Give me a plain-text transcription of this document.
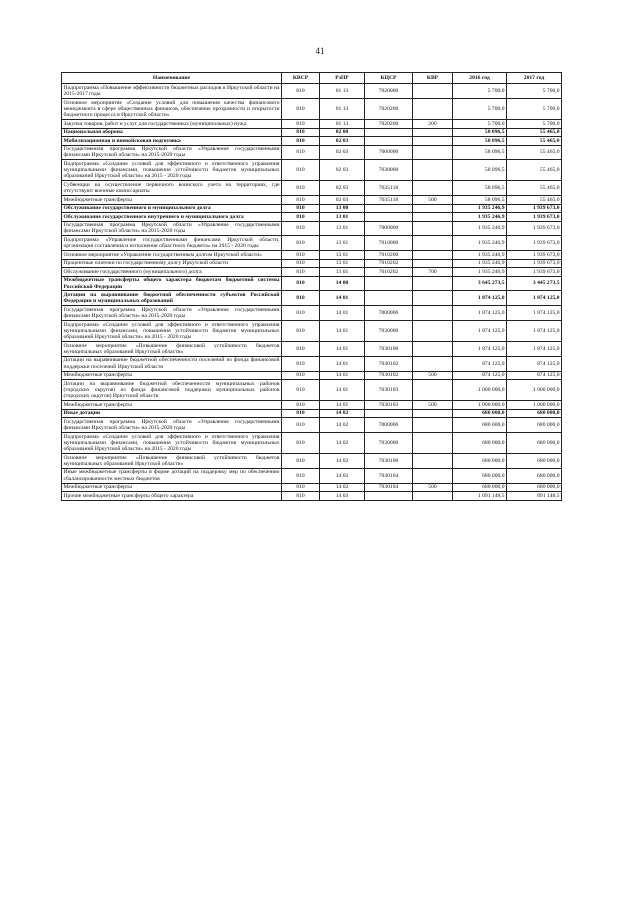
41
Наименование	КВСР	РзПР	КЦСР	КВР	2016 год	2017 год
Подпрограмма «Повышение эффективности бюджетных расходов в Иркутской области на 2015-2017 годы	810	01 13	7020000		5 700,0	5 700,0
Основное мероприятие «Создание условий для повышения качества финансового менеджмента в сфере общественных финансов, обеспечение прозрачности и открытости бюджетного процесса в Иркутской области»	810	01 13	7020200		5 700,0	5 700,0
Закупка товаров, работ и услуг для государственных (муниципальных) нужд	810	01 13	7020200	200	5 700,0	5 700,0
Национальная оборона	810	02 00			58 096,5	55 465,0
Мобилизационная и вневойсковая подготовка	810	02 03			58 096,5	55 465,0
Государственная программа Иркутской области «Управление государственными финансами Иркутской области» на 2015-2020 годы	810	02 03	7000000		58 096,5	55 465,0
Подпрограмма «Создание условий для эффективного и ответственного управления муниципальными финансами, повышения устойчивости бюджетов муниципальных образований Иркутской области» на 2015 - 2020 годы	810	02 03	7030000		58 096,5	55 465,0
Субвенции на осуществление первичного воинского учета на территориях, где отсутствуют военные комиссариаты	810	02 03	7035118		58 096,5	55 465,0
Межбюджетные трансферты	810	02 03	7035118	500	58 096,5	55 465,0
Обслуживание государственного и муниципального долга	810	13 00			1 935 246,9	1 939 673,0
Обслуживание государственного внутреннего и муниципального долга	810	13 01			1 935 246,9	1 939 673,0
Государственная программа Иркутской области «Управление государственными финансами Иркутской области» на 2015-2020 годы	810	13 01	7000000		1 935 246,9	1 939 673,0
Подпрограмма «Управление государственными финансами Иркутской области, организация составления и исполнения областного бюджета» на 2015 - 2020 годы	810	13 01	7010000		1 935 246,9	1 939 673,0
Основное мероприятие «Управление государственным долгом Иркутской области»	810	13 01	7010200		1 935 246,9	1 939 673,0
Процентные платежи по государственному долгу Иркутской области	810	13 01	7010202		1 935 246,9	1 939 673,0
Обслуживание государственного (муниципального) долга	810	13 01	7010202	700	1 935 246,9	1 939 673,0
Межбюджетные трансферты общего характера бюджетам бюджетной системы Российской Федерации	810	14 00			3 645 273,5	3 445 273,5
Дотации на выравнивание бюджетной обеспеченности субъектов Российской Федерации и муниципальных образований	810	14 01			1 874 125,0	1 874 125,0
Государственная программа Иркутской области «Управление государственными финансами Иркутской области» на 2015-2020 годы	810	14 01	7000000		1 874 125,0	1 874 125,0
Подпрограмма «Создание условий для эффективного и ответственного управления муниципальными финансами, повышения устойчивости бюджетов муниципальных образований Иркутской области» на 2015 - 2020 годы	810	14 01	7030000		1 874 125,0	1 874 125,0
Основное мероприятие «Повышение финансовой устойчивости бюджетов муниципальных образований Иркутской области»	810	14 01	7030100		1 874 125,0	1 874 125,0
Дотации на выравнивание бюджетной обеспеченности поселений из фонда финансовой поддержки поселений Иркутской области	810	14 01	7030102		874 125,0	874 125,0
Межбюджетные трансферты	810	14 01	7030102	500	874 125,0	874 125,0
Дотации на выравнивание бюджетной обеспеченности муниципальных районов (городских округов) из фонда финансовой поддержки муниципальных районов (городских округов) Иркутской области	810	14 01	7030103		1 000 000,0	1 000 000,0
Межбюджетные трансферты	810	14 01	7030103	500	1 000 000,0	1 000 000,0
Иные дотации	810	14 02			680 000,0	680 000,0
Государственная программа Иркутской области «Управление государственными финансами Иркутской области» на 2015-2020 годы	810	14 02	7000000		680 000,0	680 000,0
Подпрограмма «Создание условий для эффективного и ответственного управления муниципальными финансами, повышения устойчивости бюджетов муниципальных образований Иркутской области» на 2015 - 2020 годы	810	14 02	7030000		680 000,0	680 000,0
Основное мероприятие «Повышение финансовой устойчивости бюджетов муниципальных образований Иркутской области»	810	14 02	7030100		680 000,0	680 000,0
Иные межбюджетные трансферты в форме дотаций на поддержку мер по обеспечению сбалансированности местных бюджетов	810	14 02	7030104		680 000,0	680 000,0
Межбюджетные трансферты	810	14 02	7030104	500	680 000,0	680 000,0
Прочие межбюджетные трансферты общего характера	810	14 03			1 091 148,5	891 148,5
